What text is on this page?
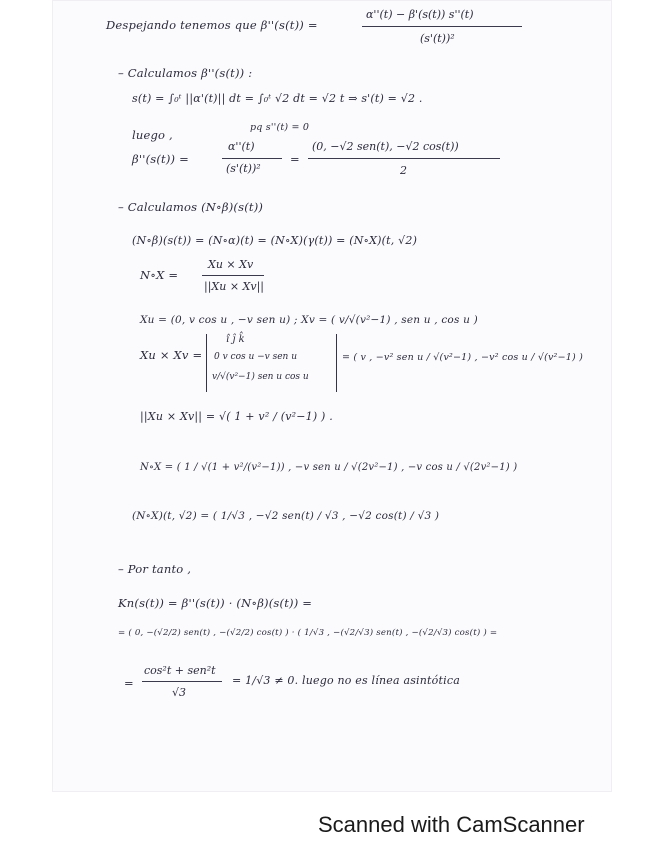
Despejando tenemos que β''(s(t)) =
α''(t) − β'(s(t)) s''(t)
(s'(t))²
– Calculamos β''(s(t)) :
s(t) = ∫₀ᵗ ||α'(t)|| dt = ∫₀ᵗ √2 dt = √2 t ⇒ s'(t) = √2 .
pq s''(t) = 0
luego ,
β''(s(t)) =
α''(t)
(s'(t))²
=
(0, −√2 sen(t), −√2 cos(t))
2
– Calculamos (N∘β)(s(t))
(N∘β)(s(t)) = (N∘α)(t) = (N∘X)(γ(t)) = (N∘X)(t, √2)
N∘X =
Xu × Xv
||Xu × Xv||
Xu = (0, v cos u , −v sen u) ; Xv = ( v/√(v²−1) , sen u , cos u )
Xu × Xv =
î ĵ k̂
0 v cos u −v sen u
v/√(v²−1) sen u cos u
= ( v , −v² sen u / √(v²−1) , −v² cos u / √(v²−1) )
||Xu × Xv|| = √( 1 + v² / (v²−1) ) .
N∘X = ( 1 / √(1 + v²/(v²−1)) , −v sen u / √(2v²−1) , −v cos u / √(2v²−1) )
(N∘X)(t, √2) = ( 1/√3 , −√2 sen(t) / √3 , −√2 cos(t) / √3 )
– Por tanto ,
Kn(s(t)) = β''(s(t)) · (N∘β)(s(t)) =
= ( 0, −(√2/2) sen(t) , −(√2/2) cos(t) ) · ( 1/√3 , −(√2/√3) sen(t) , −(√2/√3) cos(t) ) =
=
cos²t + sen²t
√3
= 1/√3 ≠ 0. luego no es línea asintótica
Scanned with CamScanner
